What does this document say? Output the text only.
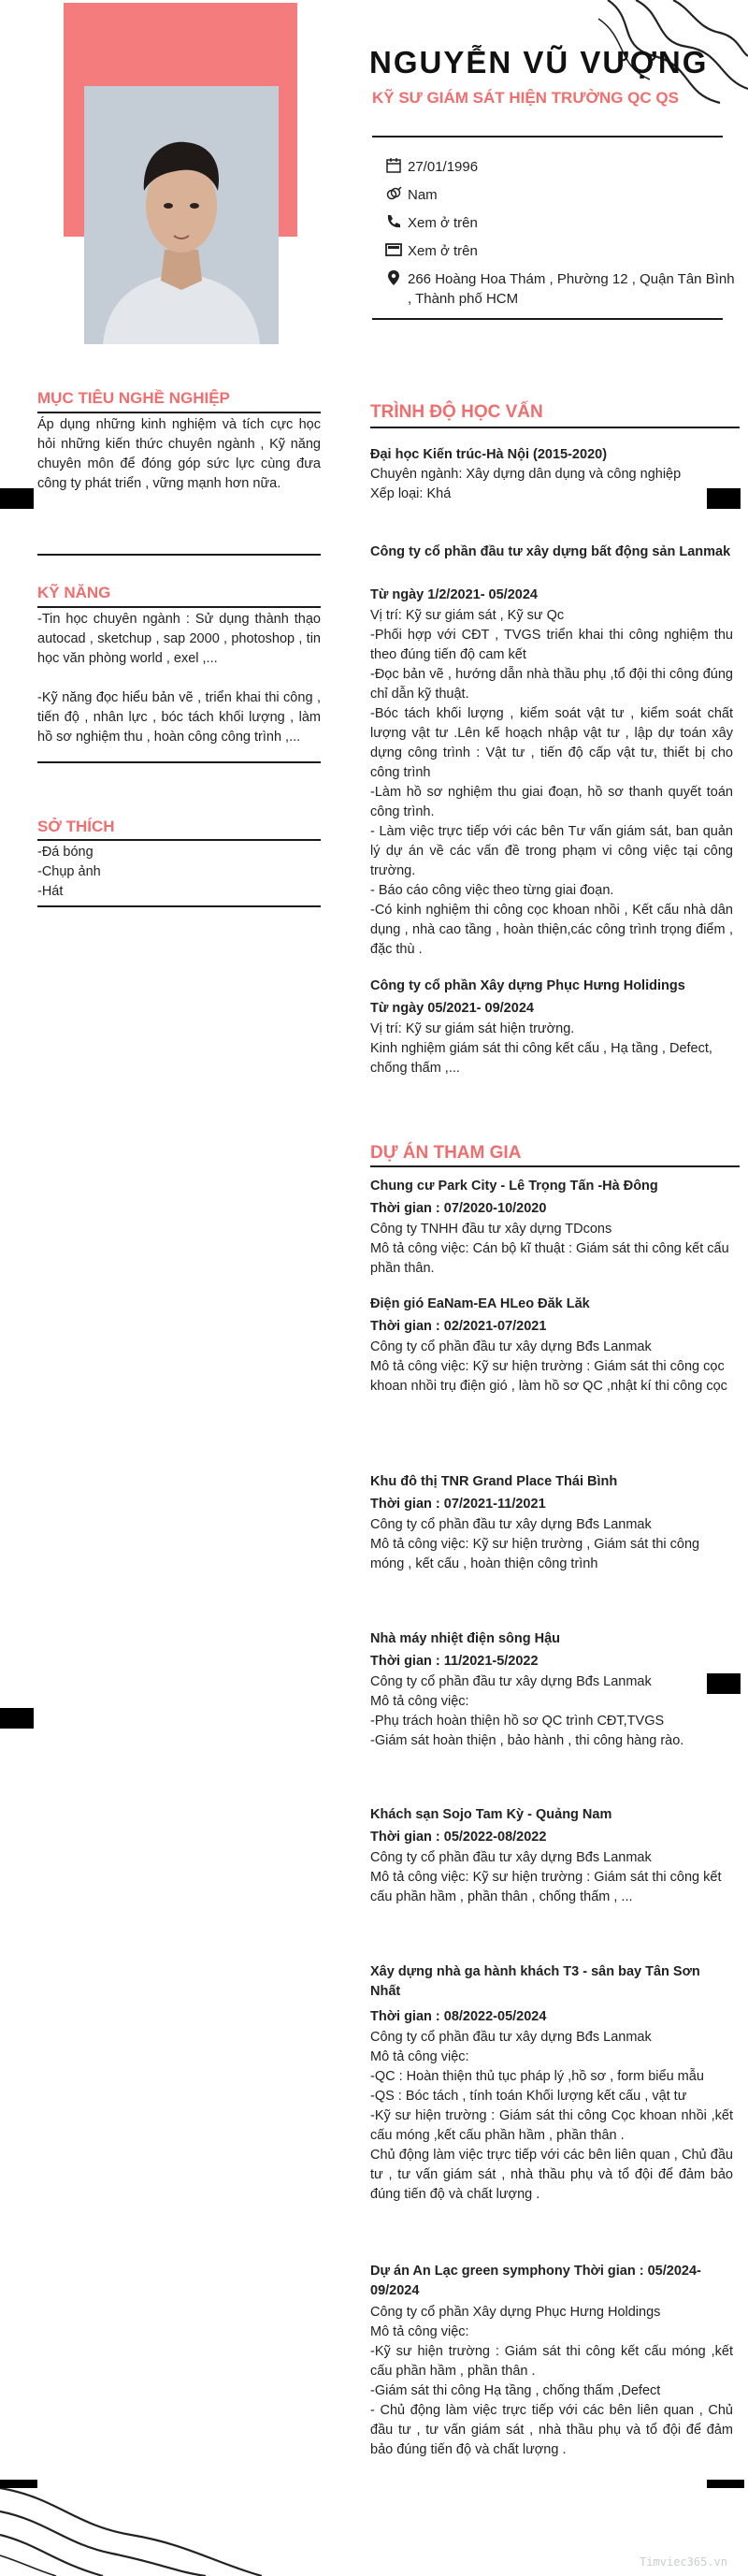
NGUYỄN VŨ VƯỢNG
KỸ SƯ GIÁM SÁT HIỆN TRƯỜNG QC QS
27/01/1996
Nam
Xem ở trên
Xem ở trên
266 Hoàng Hoa Thám , Phường 12 , Quận Tân Bình , Thành phố HCM
MỤC TIÊU NGHỀ NGHIỆP
Áp dụng những kinh nghiệm và tích cực học hỏi những kiến thức chuyên ngành , Kỹ năng chuyên môn để đóng góp sức lực cùng đưa công ty phát triển , vững mạnh hơn nữa.
KỸ NĂNG
-Tin học chuyên ngành : Sử dụng thành thạo autocad , sketchup , sap 2000 , photoshop , tin học văn phòng world , exel ,...
-Kỹ năng đọc hiểu bản vẽ , triển khai thi công , tiến độ , nhân lực , bóc tách khối lượng , làm hồ sơ nghiệm thu , hoàn công công trình ,...
SỞ THÍCH
-Đá bóng
-Chụp ảnh
-Hát
TRÌNH ĐỘ HỌC VẤN
Đại học Kiến trúc-Hà Nội (2015-2020)
Chuyên ngành: Xây dựng dân dụng và công nghiệp
Xếp loại: Khá
Công ty cổ phần đầu tư xây dựng bất động sản Lanmak
Từ ngày 1/2/2021- 05/2024
Vị trí: Kỹ sư giám sát , Kỹ sư Qc
-Phối hợp với CĐT , TVGS triển khai thi công nghiệm thu theo đúng tiến độ cam kết
-Đọc bản vẽ , hướng dẫn nhà thầu phụ ,tổ đội thi công đúng chỉ dẫn kỹ thuật.
-Bóc tách khối lượng , kiểm soát vật tư , kiểm soát chất lượng vật tư .Lên kế hoạch nhập vật tư , lập dự toán xây dựng công trình : Vật tư , tiến độ cấp vật tư, thiết bị cho công trình
-Làm hồ sơ nghiệm thu giai đoạn, hồ sơ thanh quyết toán công trình.
- Làm việc trực tiếp với các bên Tư vấn giám sát, ban quản lý dự án về các vấn đề trong phạm vi công việc tại công trường.
- Báo cáo công việc theo từng giai đoạn.
-Có kinh nghiệm thi công cọc khoan nhồi , Kết cấu nhà dân dụng , nhà cao tầng , hoàn thiện,các công trình trọng điểm , đặc thù .
Công ty cổ phần Xây dựng Phục Hưng Holidings
Từ ngày 05/2021- 09/2024
Vị trí: Kỹ sư giám sát hiện trường.
Kinh nghiệm giám sát thi công kết cấu , Hạ tầng , Defect, chống thấm ,...
DỰ ÁN THAM GIA
Chung cư Park City - Lê Trọng Tấn -Hà Đông
Thời gian : 07/2020-10/2020
Công ty TNHH đầu tư xây dựng TDcons
Mô tả công việc: Cán bộ kĩ thuật : Giám sát thi công kết cấu phần thân.
Điện gió EaNam-EA HLeo Đăk Lăk
Thời gian : 02/2021-07/2021
Công ty cổ phần đầu tư xây dựng Bđs Lanmak
Mô tả công việc: Kỹ sư hiện trường : Giám sát thi công cọc khoan nhồi trụ điện gió , làm hồ sơ QC ,nhật kí thi công cọc
Khu đô thị TNR Grand Place Thái Bình
Thời gian : 07/2021-11/2021
Công ty cổ phần đầu tư xây dựng Bđs Lanmak
Mô tả công việc: Kỹ sư hiện trường , Giám sát thi công móng , kết cấu , hoàn thiện công trình
Nhà máy nhiệt điện sông Hậu
Thời gian : 11/2021-5/2022
Công ty cổ phần đầu tư xây dựng Bđs Lanmak
Mô tả công việc:
-Phụ trách hoàn thiện hồ sơ QC trình CĐT,TVGS
-Giám sát hoàn thiện , bảo hành , thi công hàng rào.
Khách sạn Sojo Tam Kỳ - Quảng Nam
Thời gian : 05/2022-08/2022
Công ty cổ phần đầu tư xây dựng Bđs Lanmak
Mô tả công việc: Kỹ sư hiện trường : Giám sát thi công kết cấu phần hầm , phần thân , chống thấm , ...
Xây dựng nhà ga hành khách T3 - sân bay Tân Sơn Nhất
Thời gian : 08/2022-05/2024
Công ty cổ phần đầu tư xây dựng Bđs Lanmak
Mô tả công việc:
-QC : Hoàn thiện thủ tục pháp lý ,hồ sơ , form biểu mẫu
-QS : Bóc tách , tính toán Khối lượng kết cấu , vật tư
-Kỹ sư hiện trường : Giám sát thi công Cọc khoan nhồi ,kết cấu móng ,kết cấu phần hầm , phần thân .
Chủ động làm việc trực tiếp với các bên liên quan , Chủ đầu tư , tư vấn giám sát , nhà thầu phụ và tổ đội để đảm bảo đúng tiến độ và chất lượng .
Dự án An Lạc green symphony Thời gian : 05/2024-09/2024
Công ty cổ phần Xây dựng Phục Hưng Holdings
Mô tả công việc:
-Kỹ sư hiện trường : Giám sát thi công kết cấu móng ,kết cấu phần hầm , phần thân .
-Giám sát thi công Hạ tầng , chống thấm ,Defect
- Chủ động làm việc trực tiếp với các bên liên quan , Chủ đầu tư , tư vấn giám sát , nhà thầu phụ và tổ đội để đảm bảo đúng tiến độ và chất lượng .
Timviec365.vn
